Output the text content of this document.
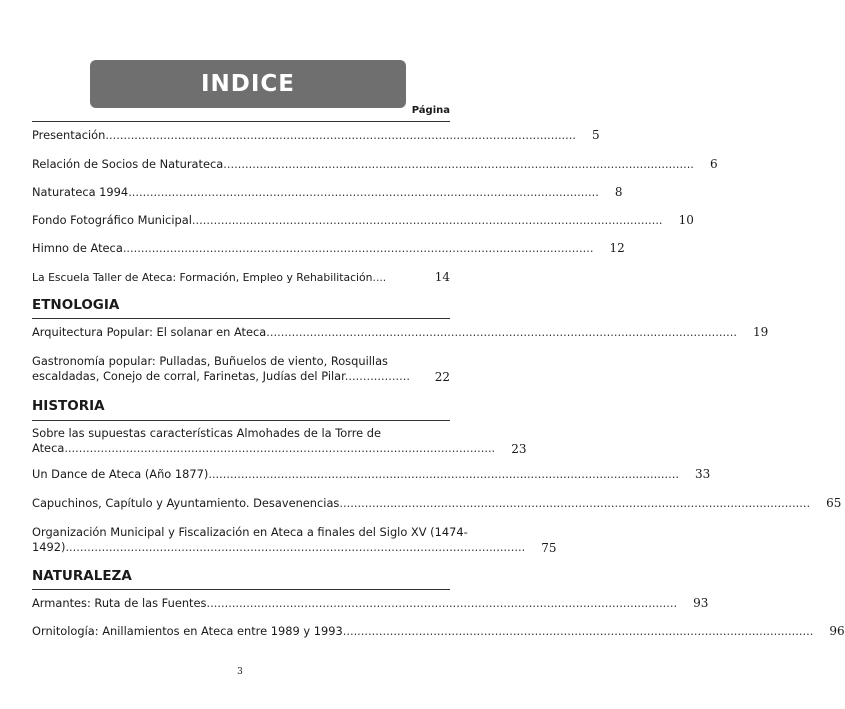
INDICE
Página
Presentación.................................................................................................................................. 5
Relación de Socios de Naturateca.................................................................................................................................. 6
Naturateca 1994.................................................................................................................................. 8
Fondo Fotográfico Municipal.................................................................................................................................. 10
Himno de Ateca.................................................................................................................................. 12
La Escuela Taller de Ateca: Formación, Empleo y Rehabilitación....	14
ETNOLOGIA
Arquitectura Popular: El solanar en Ateca.................................................................................................................................. 19
Gastronomía popular: Pulladas, Buñuelos de viento, Rosquillas escaldadas, Conejo de corral, Farinetas, Judías del Pilar..................	22
HISTORIA
Sobre las supuestas características Almohades de la Torre de Ateca....................................................................................................................... 23
Un Dance de Ateca (Año 1877).................................................................................................................................. 33
Capuchinos, Capítulo y Ayuntamiento. Desavenencias.................................................................................................................................. 65
Organización Municipal y Fiscalización en Ateca a finales del Siglo XV (1474-1492)............................................................................................................................... 75
NATURALEZA
Armantes: Ruta de las Fuentes.................................................................................................................................. 93
Ornitología: Anillamientos en Ateca entre 1989 y 1993.................................................................................................................................. 96
3
